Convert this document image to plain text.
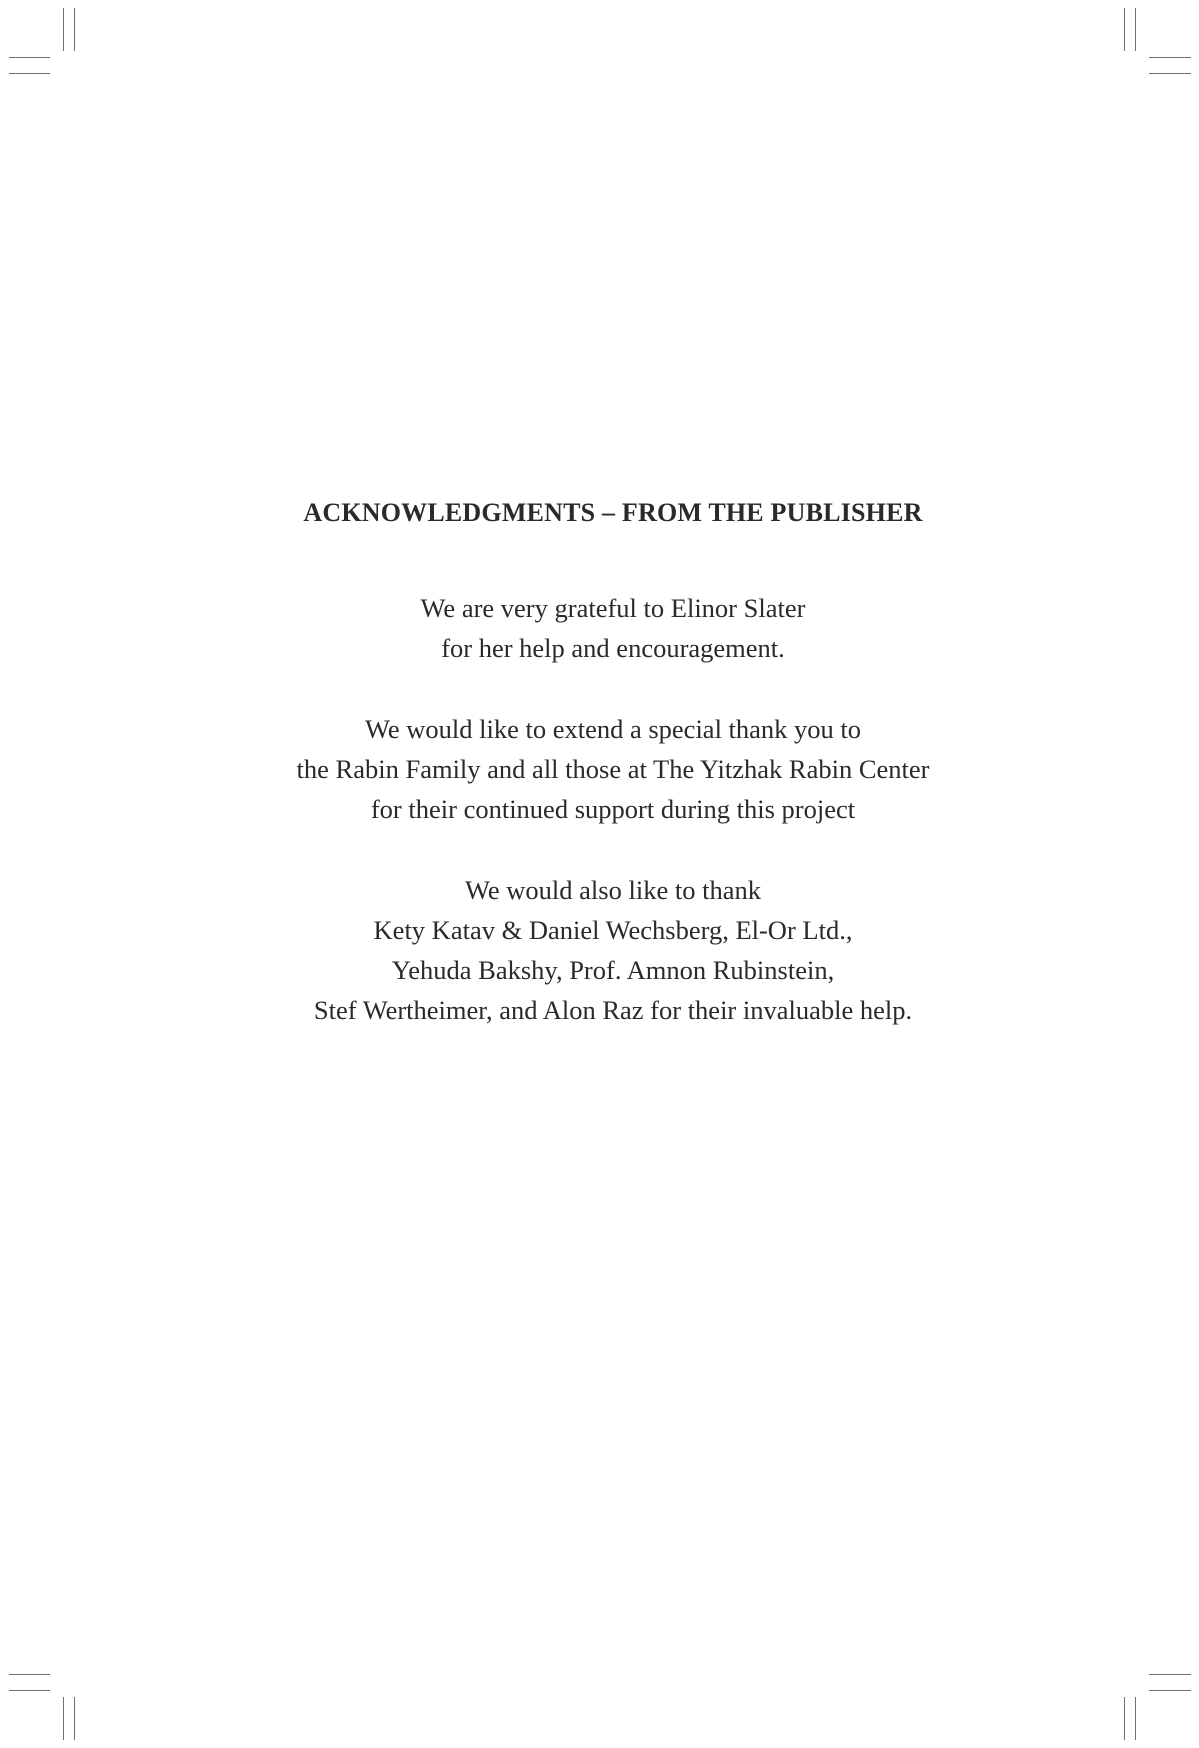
ACKNOWLEDGMENTS – FROM THE PUBLISHER
We are very grateful to Elinor Slater
for her help and encouragement.
We would like to extend a special thank you to
the Rabin Family and all those at The Yitzhak Rabin Center
for their continued support during this project
We would also like to thank
Kety Katav & Daniel Wechsberg, El-Or Ltd.,
Yehuda Bakshy, Prof. Amnon Rubinstein,
Stef Wertheimer, and Alon Raz for their invaluable help.
